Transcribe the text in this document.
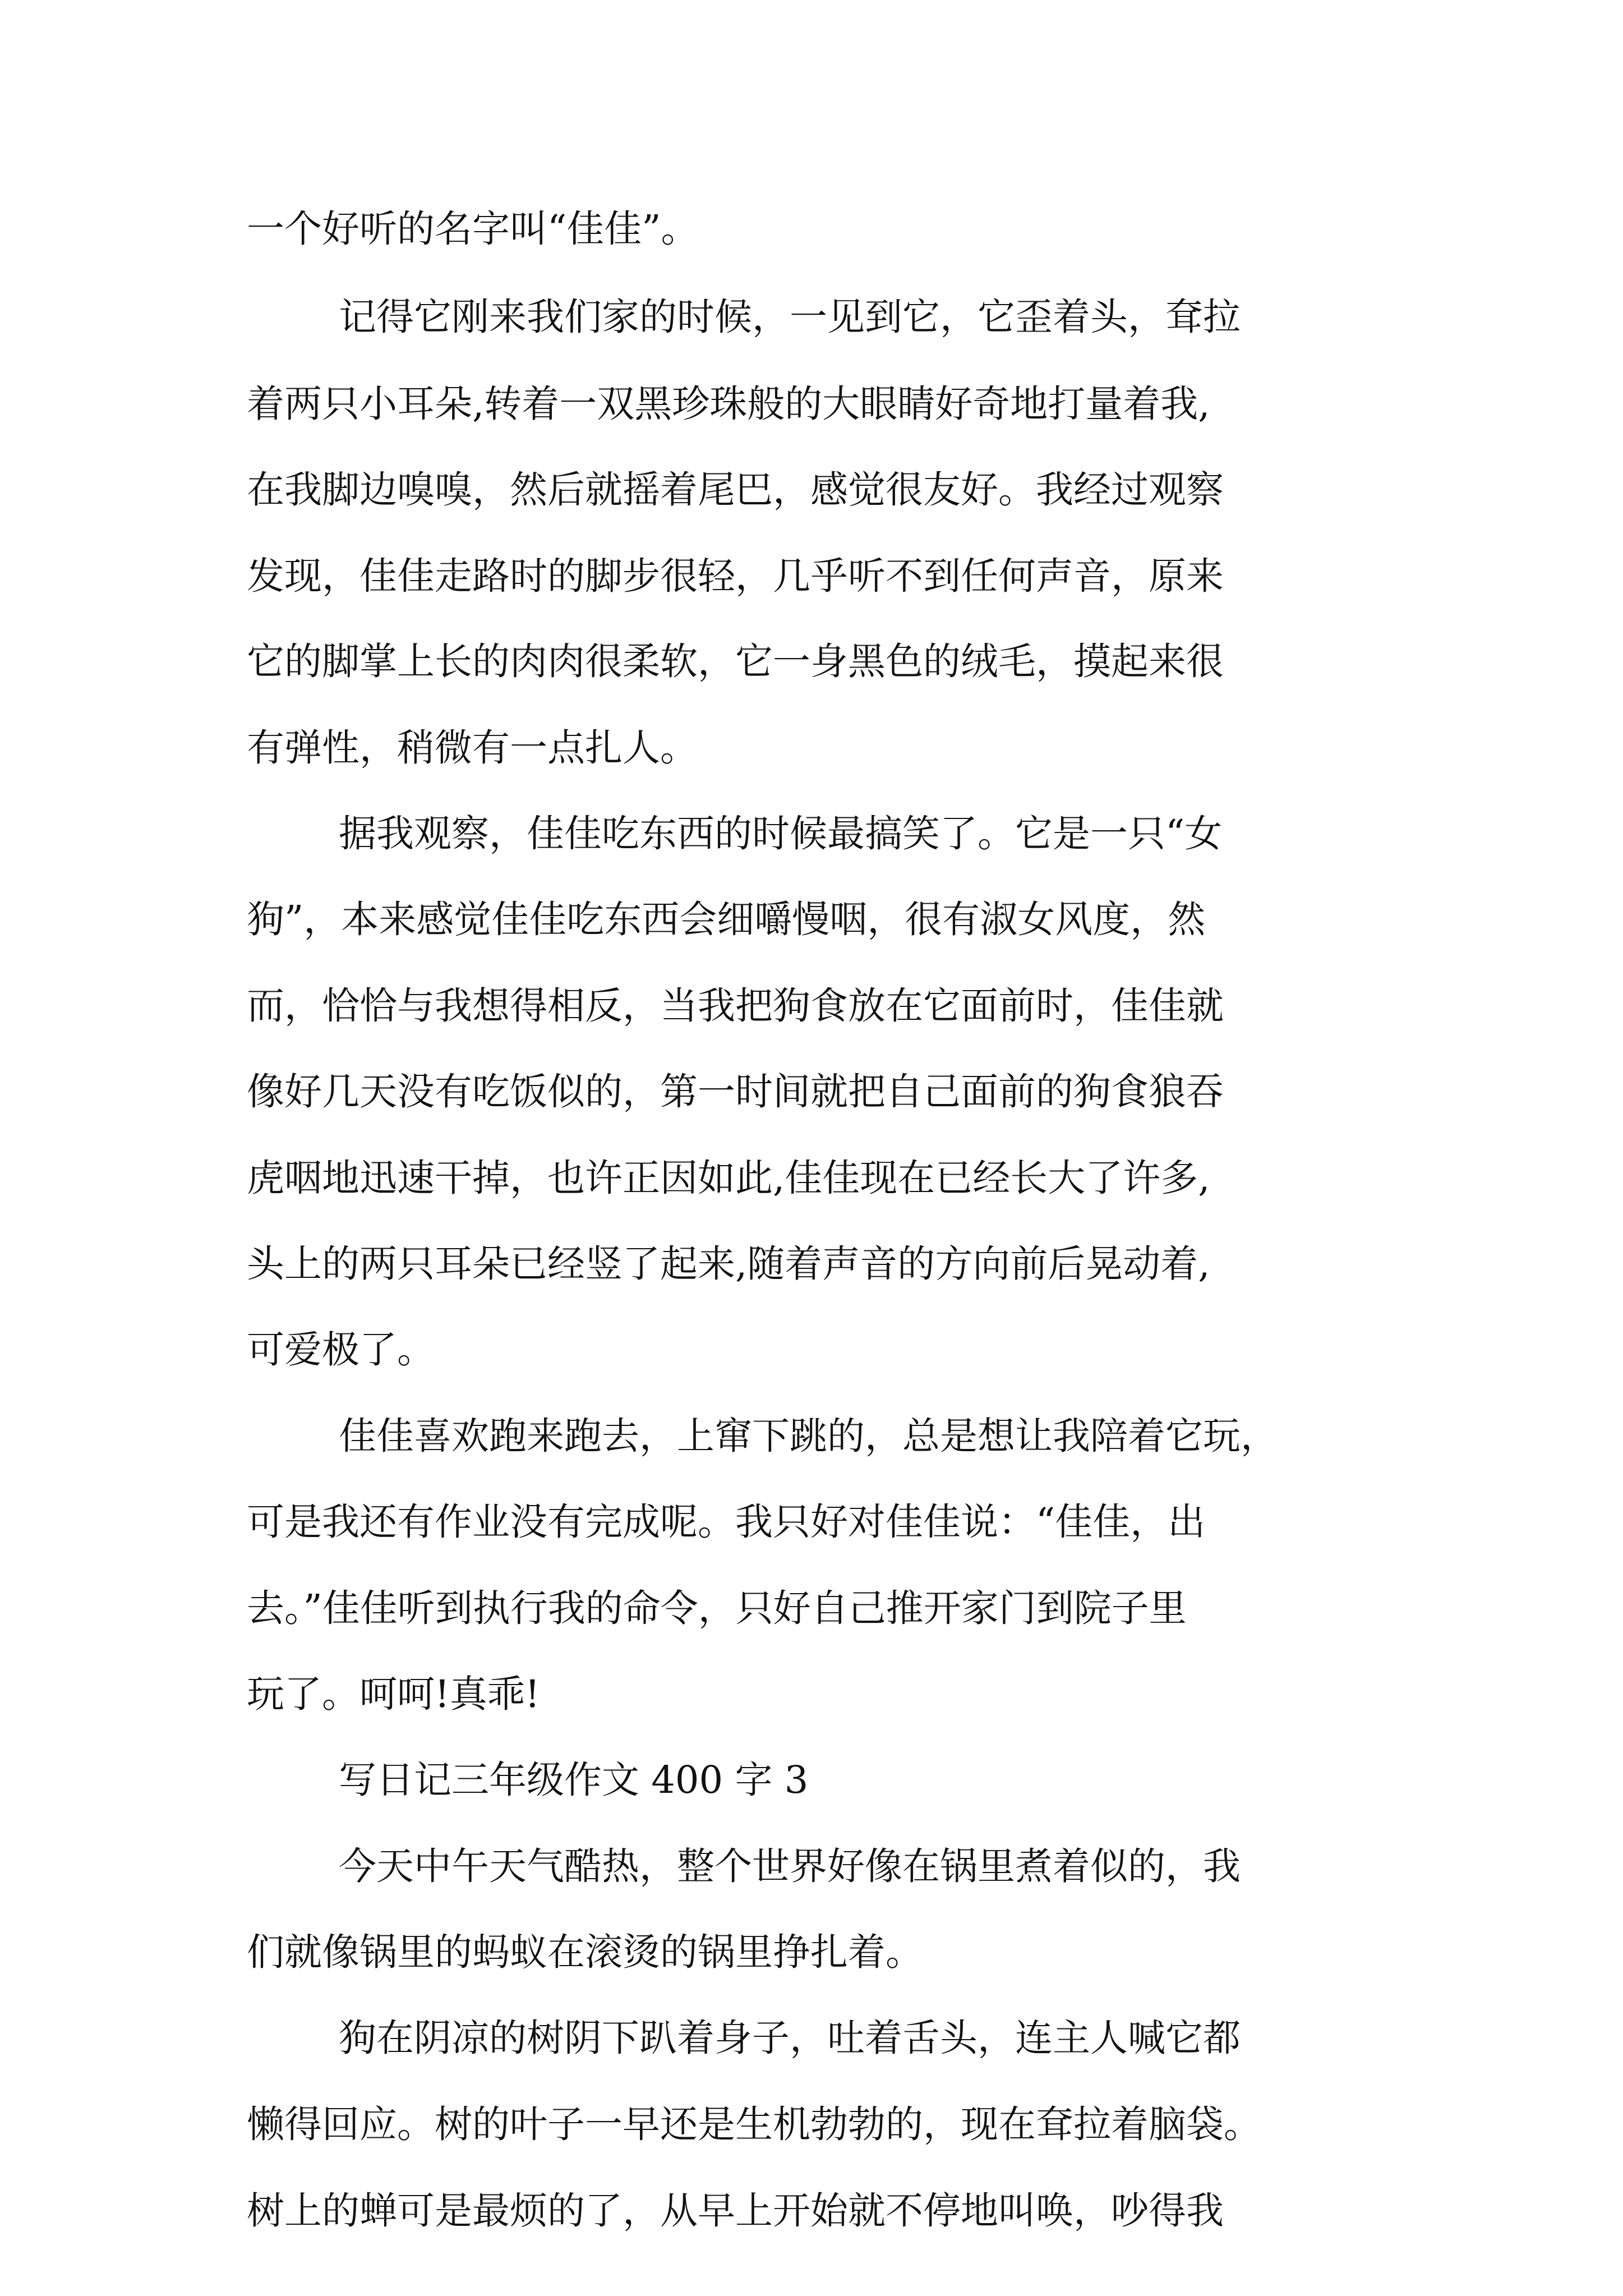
一个好听的名字叫“佳佳”。
记得它刚来我们家的时候，一见到它，它歪着头，耷拉
着两只小耳朵,转着一双黑珍珠般的大眼睛好奇地打量着我,
在我脚边嗅嗅，然后就摇着尾巴，感觉很友好。我经过观察
发现，佳佳走路时的脚步很轻，几乎听不到任何声音，原来
它的脚掌上长的肉肉很柔软，它一身黑色的绒毛，摸起来很
有弹性，稍微有一点扎人。
据我观察，佳佳吃东西的时候最搞笑了。它是一只“女
狗”，本来感觉佳佳吃东西会细嚼慢咽，很有淑女风度，然
而，恰恰与我想得相反，当我把狗食放在它面前时，佳佳就
像好几天没有吃饭似的，第一时间就把自己面前的狗食狼吞
虎咽地迅速干掉，也许正因如此,佳佳现在已经长大了许多,
头上的两只耳朵已经竖了起来,随着声音的方向前后晃动着,
可爱极了。
佳佳喜欢跑来跑去，上窜下跳的，总是想让我陪着它玩，
可是我还有作业没有完成呢。我只好对佳佳说：“佳佳，出
去。”佳佳听到执行我的命令，只好自己推开家门到院子里
玩了。呵呵!真乖!
写日记三年级作文 400 字 3
今天中午天气酷热，整个世界好像在锅里煮着似的，我
们就像锅里的蚂蚁在滚烫的锅里挣扎着。
狗在阴凉的树阴下趴着身子，吐着舌头，连主人喊它都
懒得回应。树的叶子一早还是生机勃勃的，现在耷拉着脑袋。
树上的蝉可是最烦的了，从早上开始就不停地叫唤，吵得我
